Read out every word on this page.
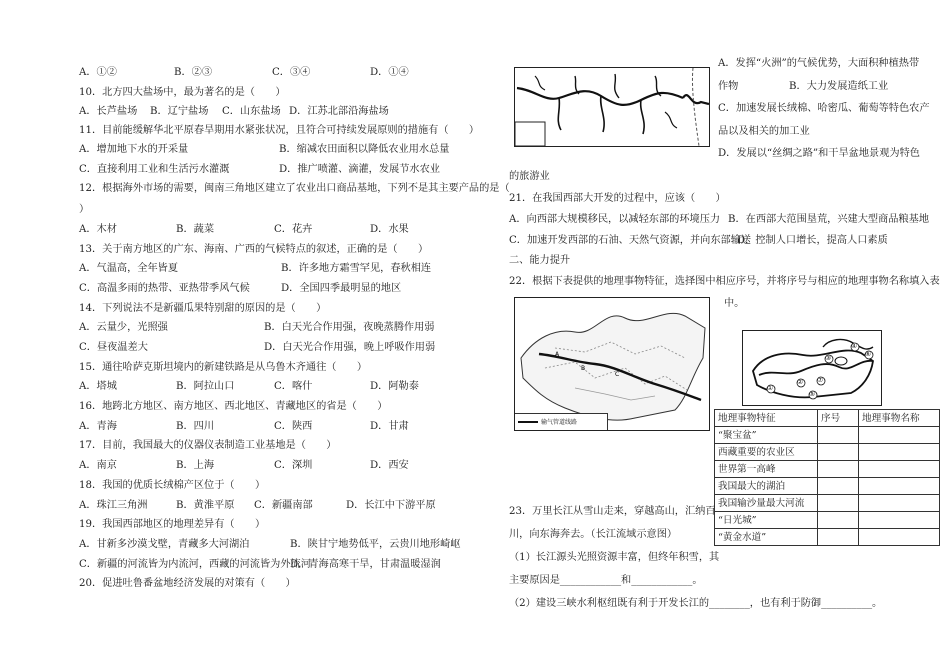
A．①②	B．②③	C．③④	D．①④
10．北方四大盐场中，最为著名的是（　　）
A．长芦盐场 B．辽宁盐场 C．山东盐场 D．江苏北部沿海盐场
11．目前能缓解华北平原春旱期用水紧张状况，且符合可持续发展原则的措施有（　　）
A．增加地下水的开采量	B．缩减农田面积以降低农业用水总量
C．直接利用工业和生活污水灌溉	D．推广喷灌、滴灌，发展节水农业
12．根据海外市场的需要，闽南三角地区建立了农业出口商品基地，下列不是其主要产品的是（
）
A．木材	B．蔬菜	C．花卉	D．水果
13．关于南方地区的广东、海南、广西的气候特点的叙述，正确的是（　　）
A．气温高，全年皆夏	B．许多地方霜雪罕见，春秋相连
C．高温多雨的热带、亚热带季风气候	D．全国四季最明显的地区
14．下列说法不是新疆瓜果特别甜的原因的是（　　）
A．云量少，光照强	B．白天光合作用强，夜晚蒸腾作用弱
C．昼夜温差大	D．白天光合作用强，晚上呼吸作用弱
15．通往哈萨克斯坦境内的新建铁路是从乌鲁木齐通往（　　）
A．塔城	B．阿拉山口	C．喀什	D．阿勒泰
16．地跨北方地区、南方地区、西北地区、青藏地区的省是（　　）
A．青海	B．四川	C．陕西	D．甘肃
17．目前，我国最大的仪器仪表制造工业基地是（　　）
A．南京	B．上海	C．深圳	D．西安
18．我国的优质长绒棉产区位于（　　）
A．珠江三角洲	B．黄淮平原 C．新疆南部	D．长江中下游平原
19．我国西部地区的地理差异有（　　）
A．甘新多沙漠戈壁，青藏多大河湖泊	B．陕甘宁地势低平，云贵川地形崎岖
C．新疆的河流皆为内流河，西藏的河流皆为外流河
D．青海高寒干旱，甘肃温暖湿润
20．促进吐鲁番盆地经济发展的对策有（　　）
A．发挥“火洲”的气候优势，大面积种植热带
作物	B．大力发展造纸工业
C．加速发展长绒棉、哈密瓜、葡萄等特色农产
品以及相关的加工业
D．发展以“丝绸之路”和干旱盆地景观为特色
的旅游业
21．在我国西部大开发的过程中，应该（　　）
A．向西部大规模移民，以减轻东部的环境压力 B．在西部大范围垦荒，兴建大型商品粮基地
C．加速开发西部的石油、天然气资源，并向东部输送
D．控制人口增长，提高人口素质
二、能力提升
22．根据下表提供的地理事物特征，选择图中相应序号，并将序号与相应的地理事物名称填入表
中。
A
B
C
输气管道线路
①
②
③
④
⑤
⑥
⑦
地理事物特征	序号	地理事物名称
“聚宝盆”		
西藏重要的农业区		
世界第一高峰		
我国最大的湖泊		
我国输沙量最大河流		
“日光城”		
“黄金水道”		
23．万里长江从雪山走来，穿越高山，汇纳百
川，向东海奔去。（长江流域示意图）
（1）长江源头光照资源丰富，但终年积雪，其
主要原因是____________和____________。
（2）建设三峡水利枢纽既有利于开发长江的________，也有利于防御__________。
